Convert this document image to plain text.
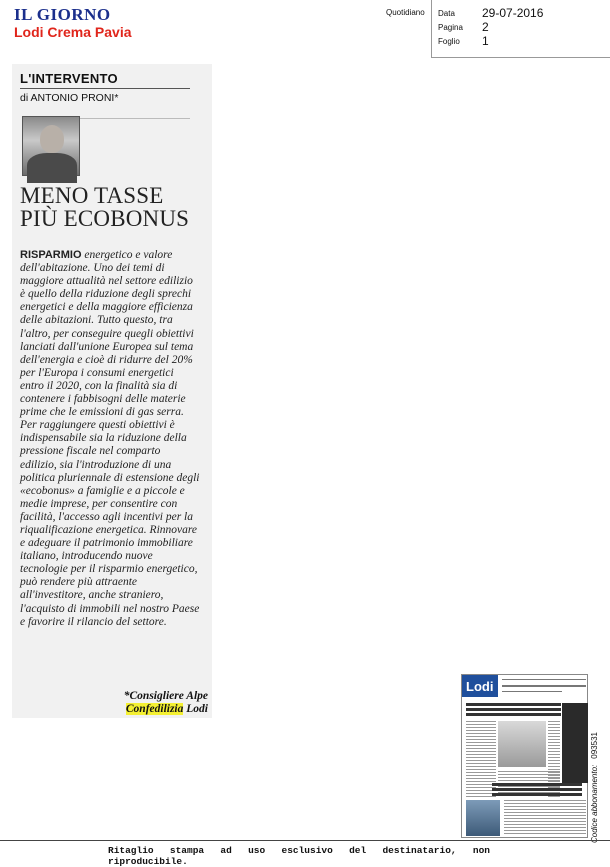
IL GIORNO
Lodi Crema Pavia
Quotidiano Data 29-07-2016
Pagina 2
Foglio 1
L'INTERVENTO
di ANTONIO PRONI*
MENO TASSE
PIÙ ECOBONUS

RISPARMIO energetico e valore dell'abitazione. Uno dei temi di maggiore attualità nel settore edilizio è quello della riduzione degli sprechi energetici e della maggiore efficienza delle abitazioni. Tutto questo, tra l'altro, per conseguire quegli obiettivi lanciati dall'unione Europea sul tema dell'energia e cioè di ridurre del 20% per l'Europa i consumi energetici entro il 2020, con la finalità sia di contenere i fabbisogni delle materie prime che le emissioni di gas serra.

Per raggiungere questi obiettivi è indispensabile sia la riduzione della pressione fiscale nel comparto edilizio, sia l'introduzione di una politica pluriennale di estensione degli «ecobonus» a famiglie e a piccole e medie imprese, per consentire con facilità, l'accesso agli incentivi per la riqualificazione energetica. Rinnovare e adeguare il patrimonio immobiliare italiano, introducendo nuove tecnologie per il risparmio energetico, può rendere più attraente all'investitore, anche straniero, l'acquisto di immobili nel nostro Paese e favorire il rilancio del settore.

*Consigliere Alpe
Confedilizia Lodi
Lodi
Codice abbonamento:093531
Ritaglio stampa ad uso esclusivo del destinatario, non riproducibile.
